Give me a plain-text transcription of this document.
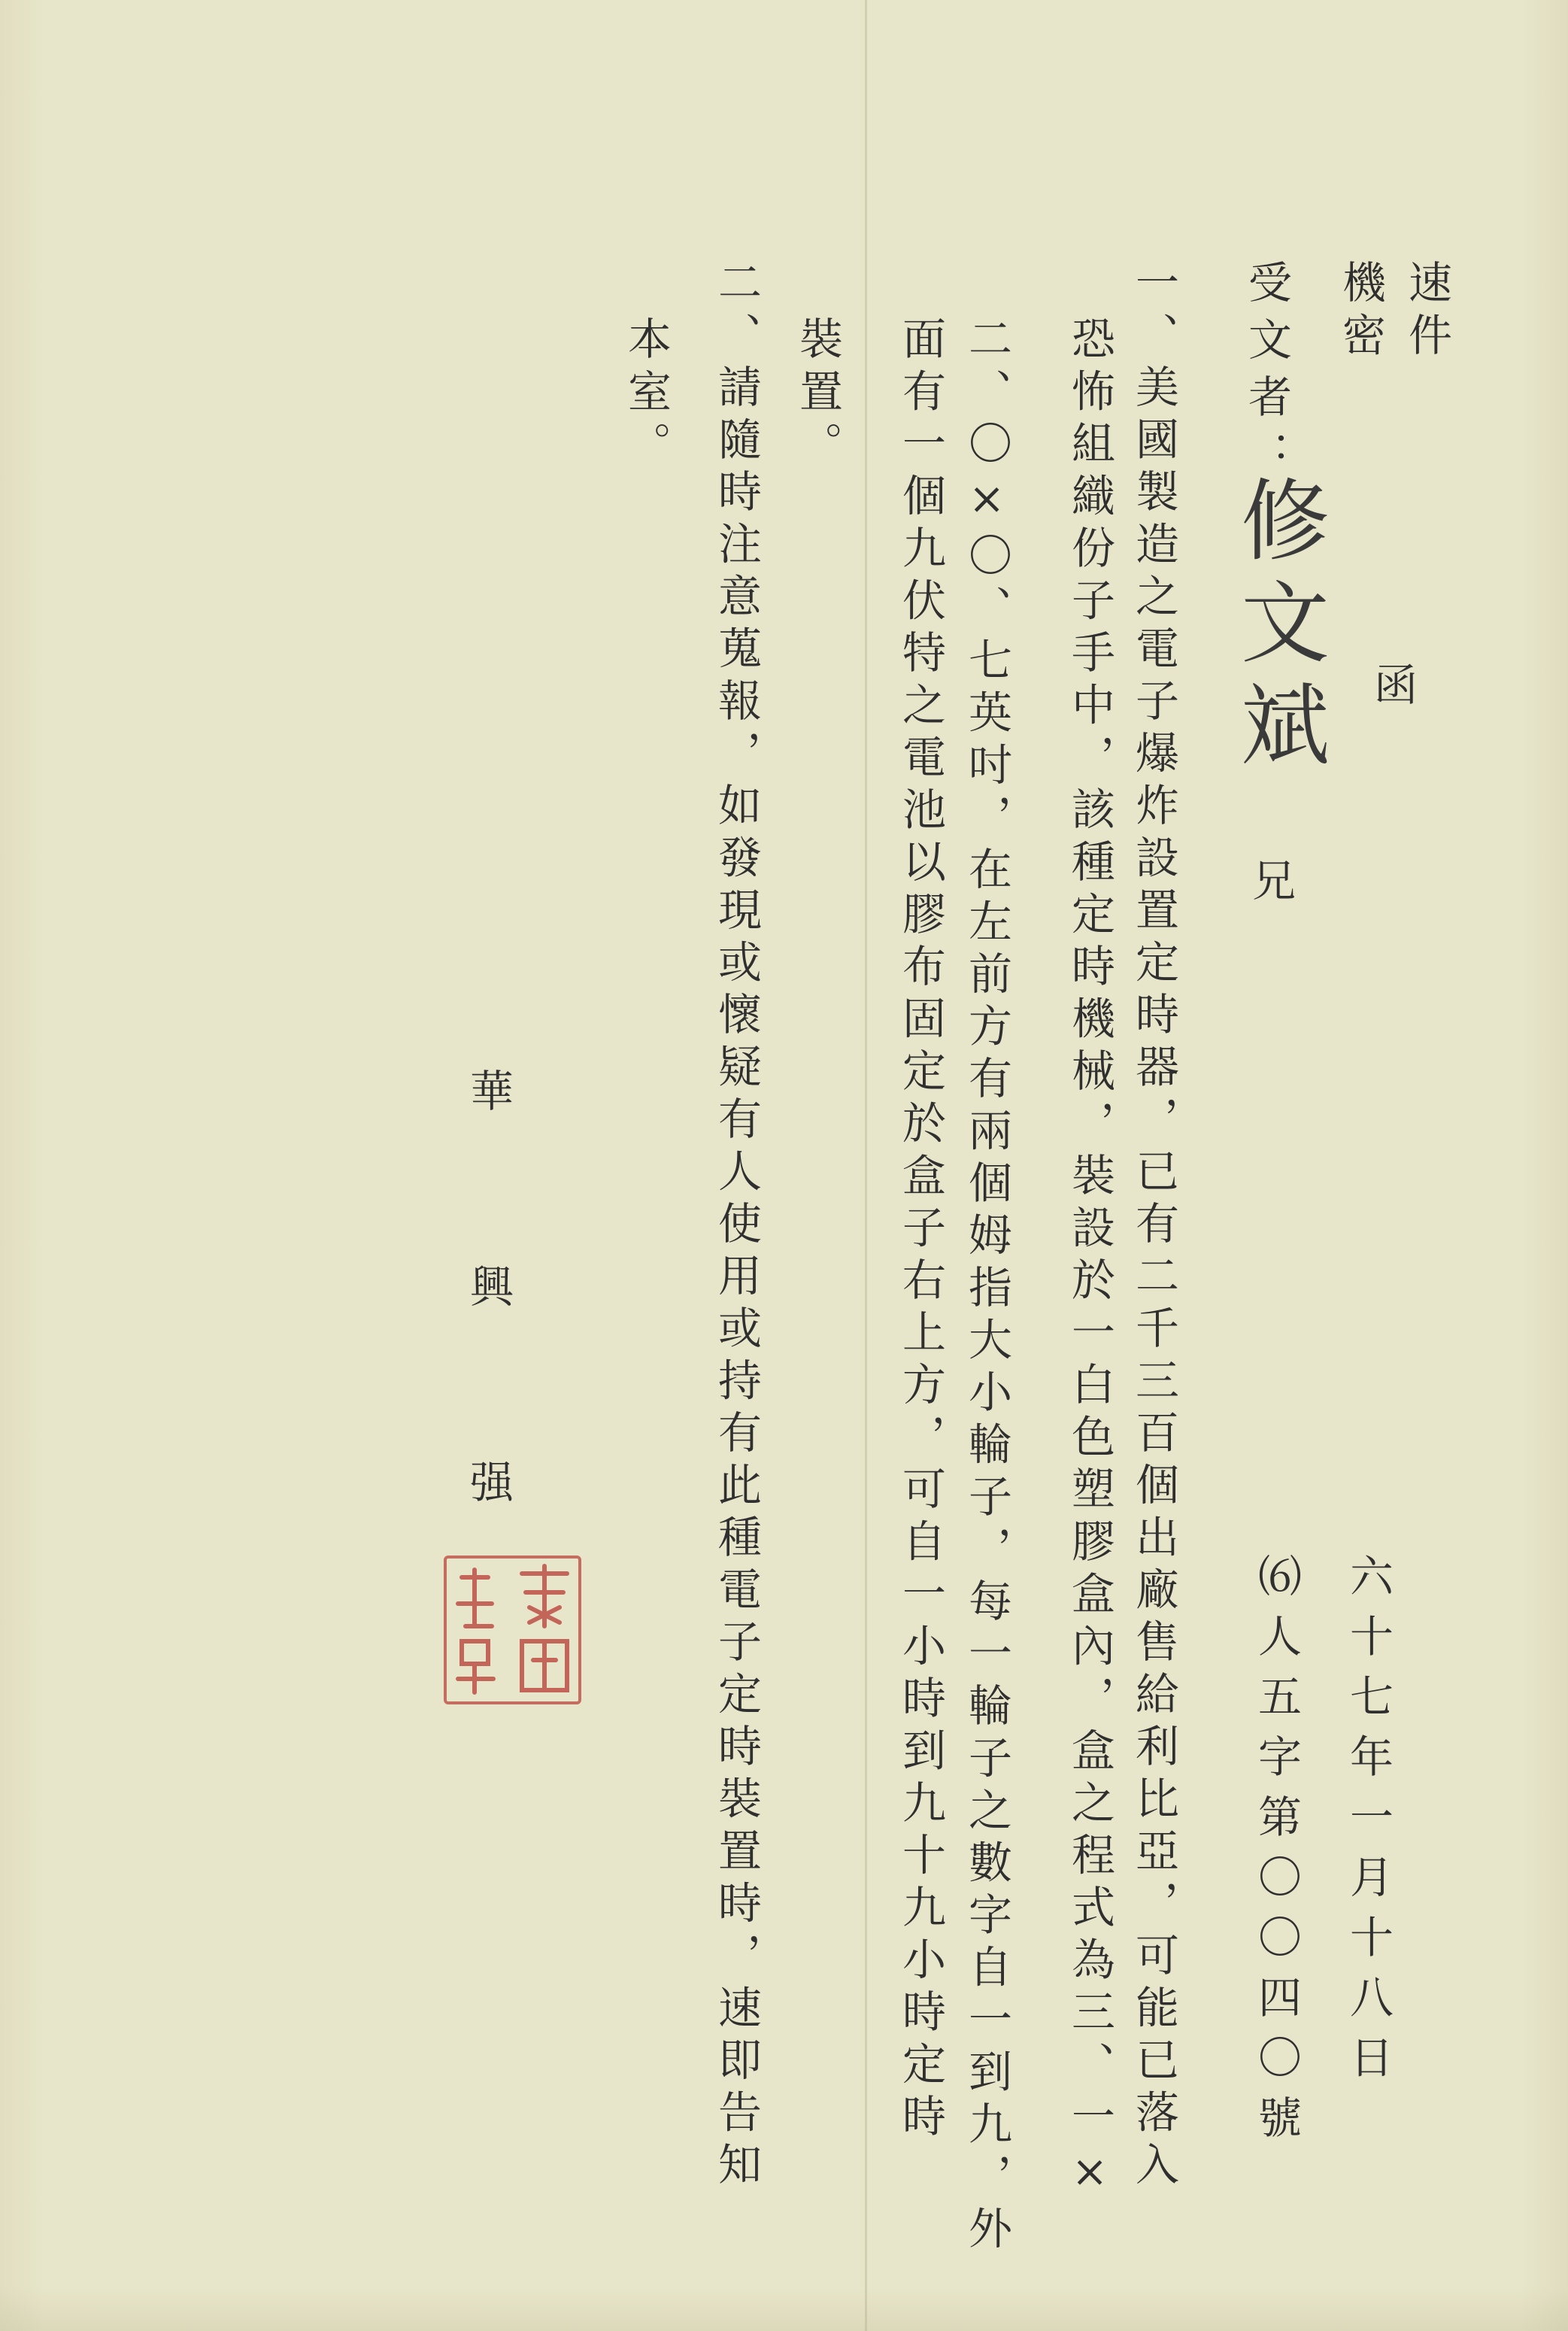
速件
機密
函
受文者：
修文斌
兄
六十七年一月十八日
⑹人五字第〇〇四〇號
一、美國製造之電子爆炸設置定時器，已有二千三百個出廠售給利比亞，可能已落入
恐怖組織份子手中，該種定時機械，裝設於一白色塑膠盒內，盒之程式為三、一×
二、〇×〇、七英吋，在左前方有兩個姆指大小輪子，每一輪子之數字自一到九，外
面有一個九伏特之電池以膠布固定於盒子右上方，可自一小時到九十九小時定時
裝置。
二、請隨時注意蒐報，如發現或懷疑有人使用或持有此種電子定時裝置時，速即告知
本室。
華
興
强
